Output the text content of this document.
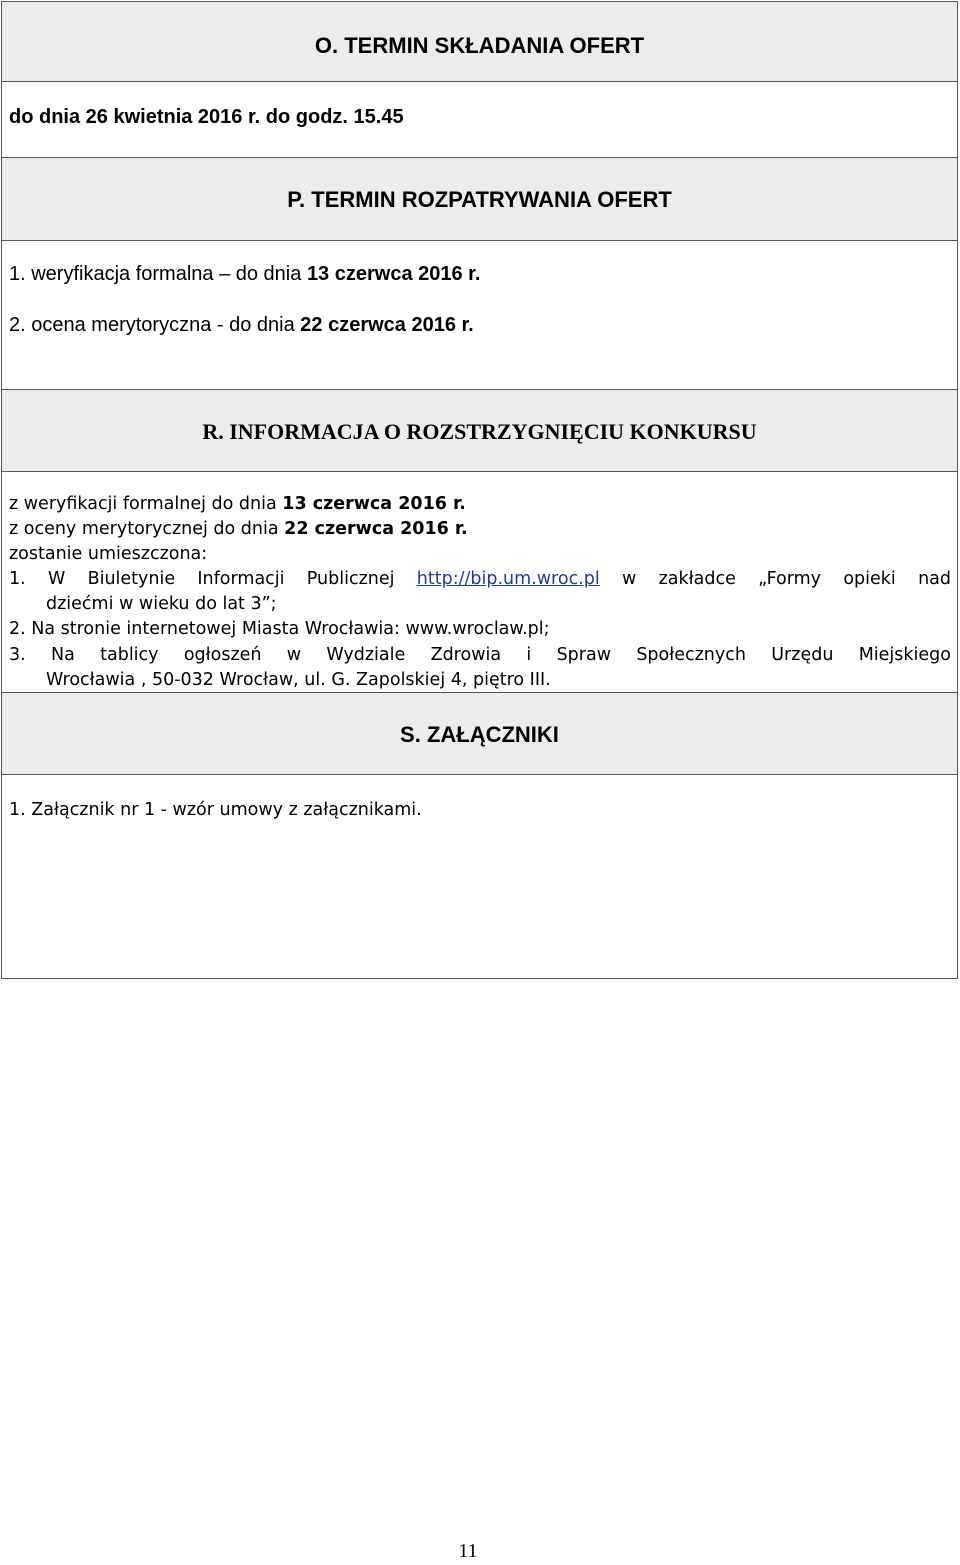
O. TERMIN SKŁADANIA OFERT
do dnia 26 kwietnia 2016 r. do godz. 15.45
P. TERMIN ROZPATRYWANIA OFERT
1. weryfikacja formalna – do dnia 13 czerwca 2016 r.
2. ocena merytoryczna - do dnia 22 czerwca 2016 r.
R. INFORMACJA O ROZSTRZYGNIĘCIU KONKURSU
z weryfikacji formalnej do dnia 13 czerwca 2016 r.
z oceny merytorycznej do dnia 22 czerwca 2016 r.
zostanie umieszczona:
1. W Biuletynie Informacji Publicznej http://bip.um.wroc.pl w zakładce „Formy opieki nad
dziećmi w wieku do lat 3”;
2. Na stronie internetowej Miasta Wrocławia: www.wroclaw.pl;
3. Na tablicy ogłoszeń w Wydziale Zdrowia i Spraw Społecznych Urzędu Miejskiego
Wrocławia , 50-032 Wrocław, ul. G. Zapolskiej 4, piętro III.
S. ZAŁĄCZNIKI
1. Załącznik nr 1 - wzór umowy z załącznikami.
11
